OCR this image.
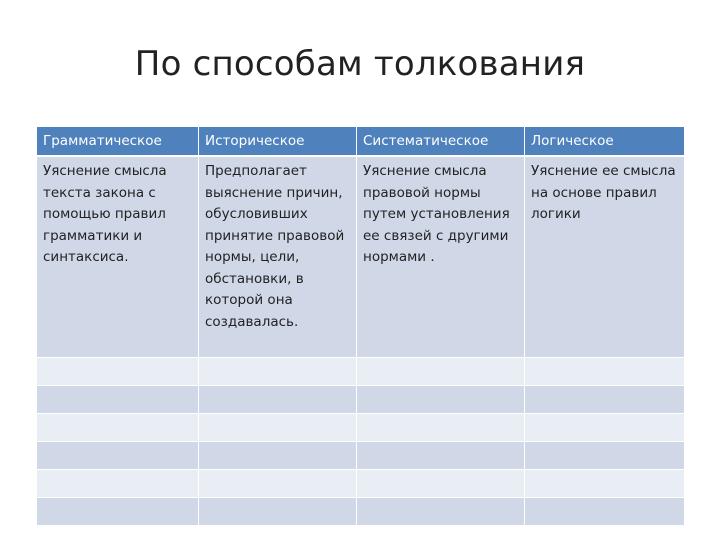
По способам толкования
Грамматическое	Историческое	Систематическое	Логическое

Уяснение смысла текста закона с помощью правил грамматики и синтаксиса.	Предполагает выяснение причин, обусловивших принятие правовой нормы, цели, обстановки, в которой она создавалась.	Уяснение смысла правовой нормы путем установления ее связей с другими нормами .	Уяснение ее смысла на основе правил логики
